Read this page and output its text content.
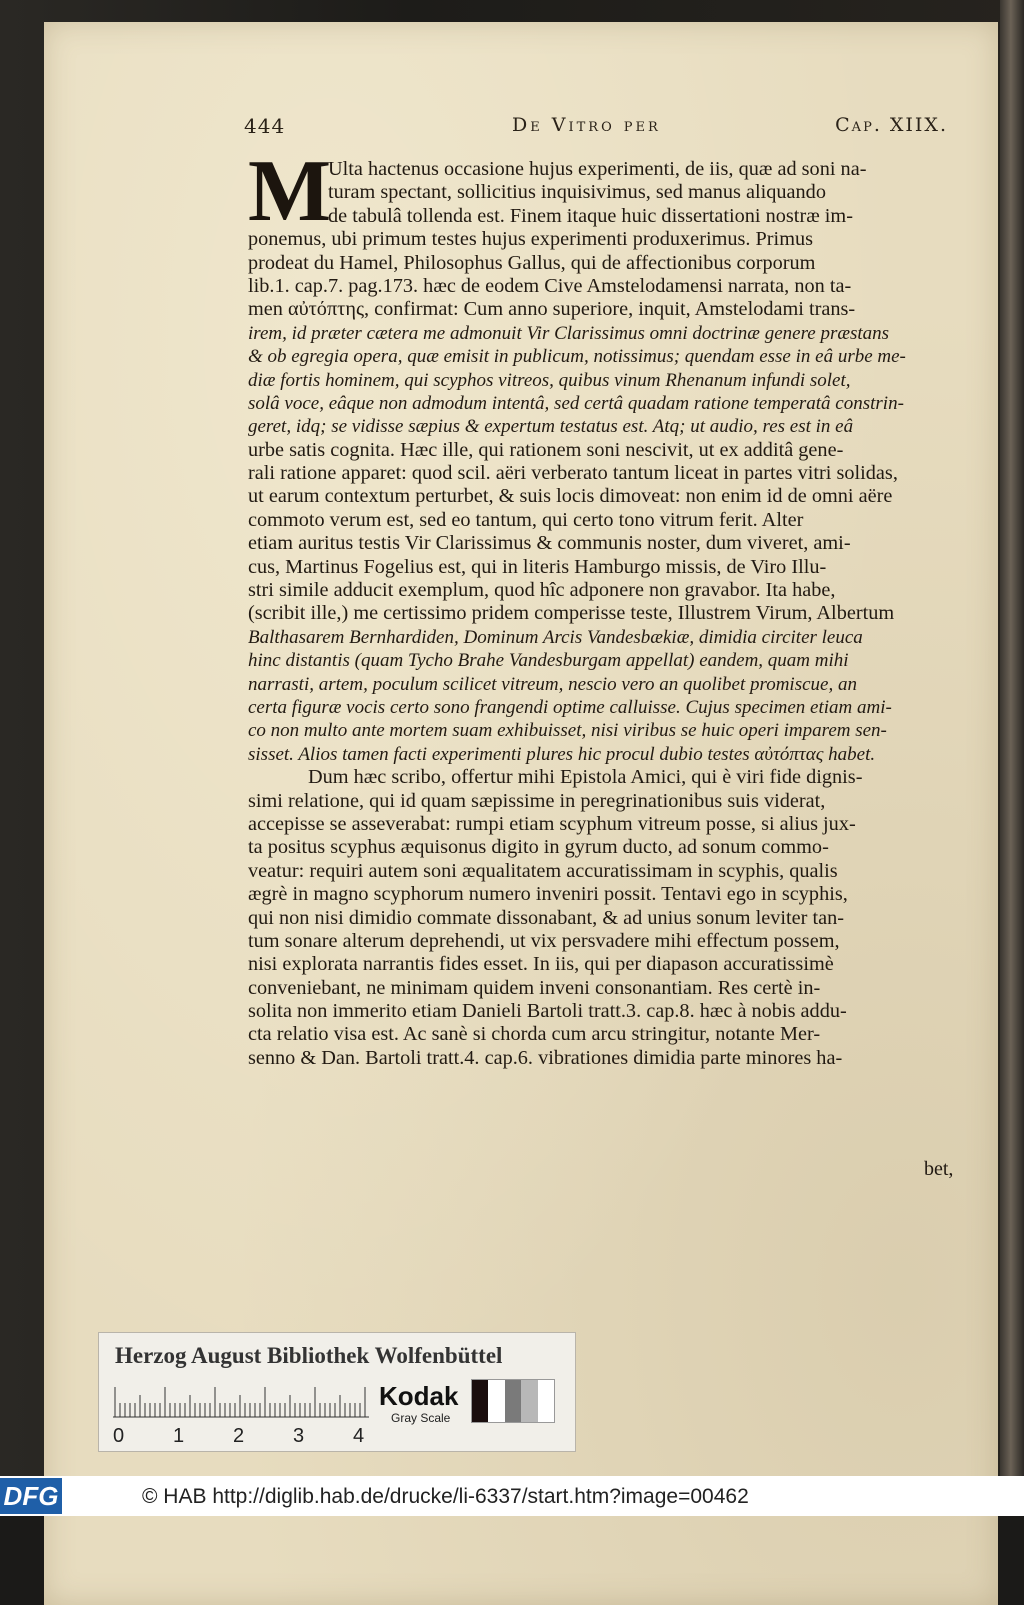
444	De Vitro per	Cap. XIIX.
M
Ulta hactenus occasione hujus experimenti, de iis, quæ ad soni na-
turam spectant, sollicitius inquisivimus, sed manus aliquando
de tabulâ tollenda est. Finem itaque huic dissertationi nostræ im-
ponemus, ubi primum testes hujus experimenti produxerimus. Primus
prodeat du Hamel, Philosophus Gallus, qui de affectionibus corporum
lib.1. cap.7. pag.173. hæc de eodem Cive Amstelodamensi narrata, non ta-
men αὐτόπτης, confirmat: Cum anno superiore, inquit, Amstelodami trans-
irem, id præter cætera me admonuit Vir Clarissimus omni doctrinæ genere præstans
& ob egregia opera, quæ emisit in publicum, notissimus; quendam esse in eâ urbe me-
diæ fortis hominem, qui scyphos vitreos, quibus vinum Rhenanum infundi solet,
solâ voce, eâque non admodum intentâ, sed certâ quadam ratione temperatâ constrin-
geret, idq; se vidisse sæpius & expertum testatus est. Atq; ut audio, res est in eâ
urbe satis cognita. Hæc ille, qui rationem soni nescivit, ut ex additâ gene-
rali ratione apparet: quod scil. aëri verberato tantum liceat in partes vitri solidas,
ut earum contextum perturbet, & suis locis dimoveat: non enim id de omni aëre
commoto verum est, sed eo tantum, qui certo tono vitrum ferit. Alter
etiam auritus testis Vir Clarissimus & communis noster, dum viveret, ami-
cus, Martinus Fogelius est, qui in literis Hamburgo missis, de Viro Illu-
stri simile adducit exemplum, quod hîc adponere non gravabor. Ita habe,
(scribit ille,) me certissimo pridem comperisse teste, Illustrem Virum, Albertum
Balthasarem Bernhardiden, Dominum Arcis Vandesbækiæ, dimidia circiter leuca
hinc distantis (quam Tycho Brahe Vandesburgam appellat) eandem, quam mihi
narrasti, artem, poculum scilicet vitreum, nescio vero an quolibet promiscue, an
certa figuræ vocis certo sono frangendi optime calluisse. Cujus specimen etiam ami-
co non multo ante mortem suam exhibuisset, nisi viribus se huic operi imparem sen-
sisset. Alios tamen facti experimenti plures hic procul dubio testes αὐτόπτας habet.
Dum hæc scribo, offertur mihi Epistola Amici, qui è viri fide dignis-
simi relatione, qui id quam sæpissime in peregrinationibus suis viderat,
accepisse se asseverabat: rumpi etiam scyphum vitreum posse, si alius jux-
ta positus scyphus æquisonus digito in gyrum ducto, ad sonum commo-
veatur: requiri autem soni æqualitatem accuratissimam in scyphis, qualis
ægrè in magno scyphorum numero inveniri possit. Tentavi ego in scyphis,
qui non nisi dimidio commate dissonabant, & ad unius sonum leviter tan-
tum sonare alterum deprehendi, ut vix persvadere mihi effectum possem,
nisi explorata narrantis fides esset. In iis, qui per diapason accuratissimè
conveniebant, ne minimam quidem inveni consonantiam. Res certè in-
solita non immerito etiam Danieli Bartoli tratt.3. cap.8. hæc à nobis addu-
cta relatio visa est. Ac sanè si chorda cum arcu stringitur, notante Mer-
senno & Dan. Bartoli tratt.4. cap.6. vibrationes dimidia parte minores ha-
bet,
Herzog August Bibliothek Wolfenbüttel
0 1 2 3 4
Kodak
Gray Scale
DFG	© HAB http://diglib.hab.de/drucke/li-6337/start.htm?image=00462
